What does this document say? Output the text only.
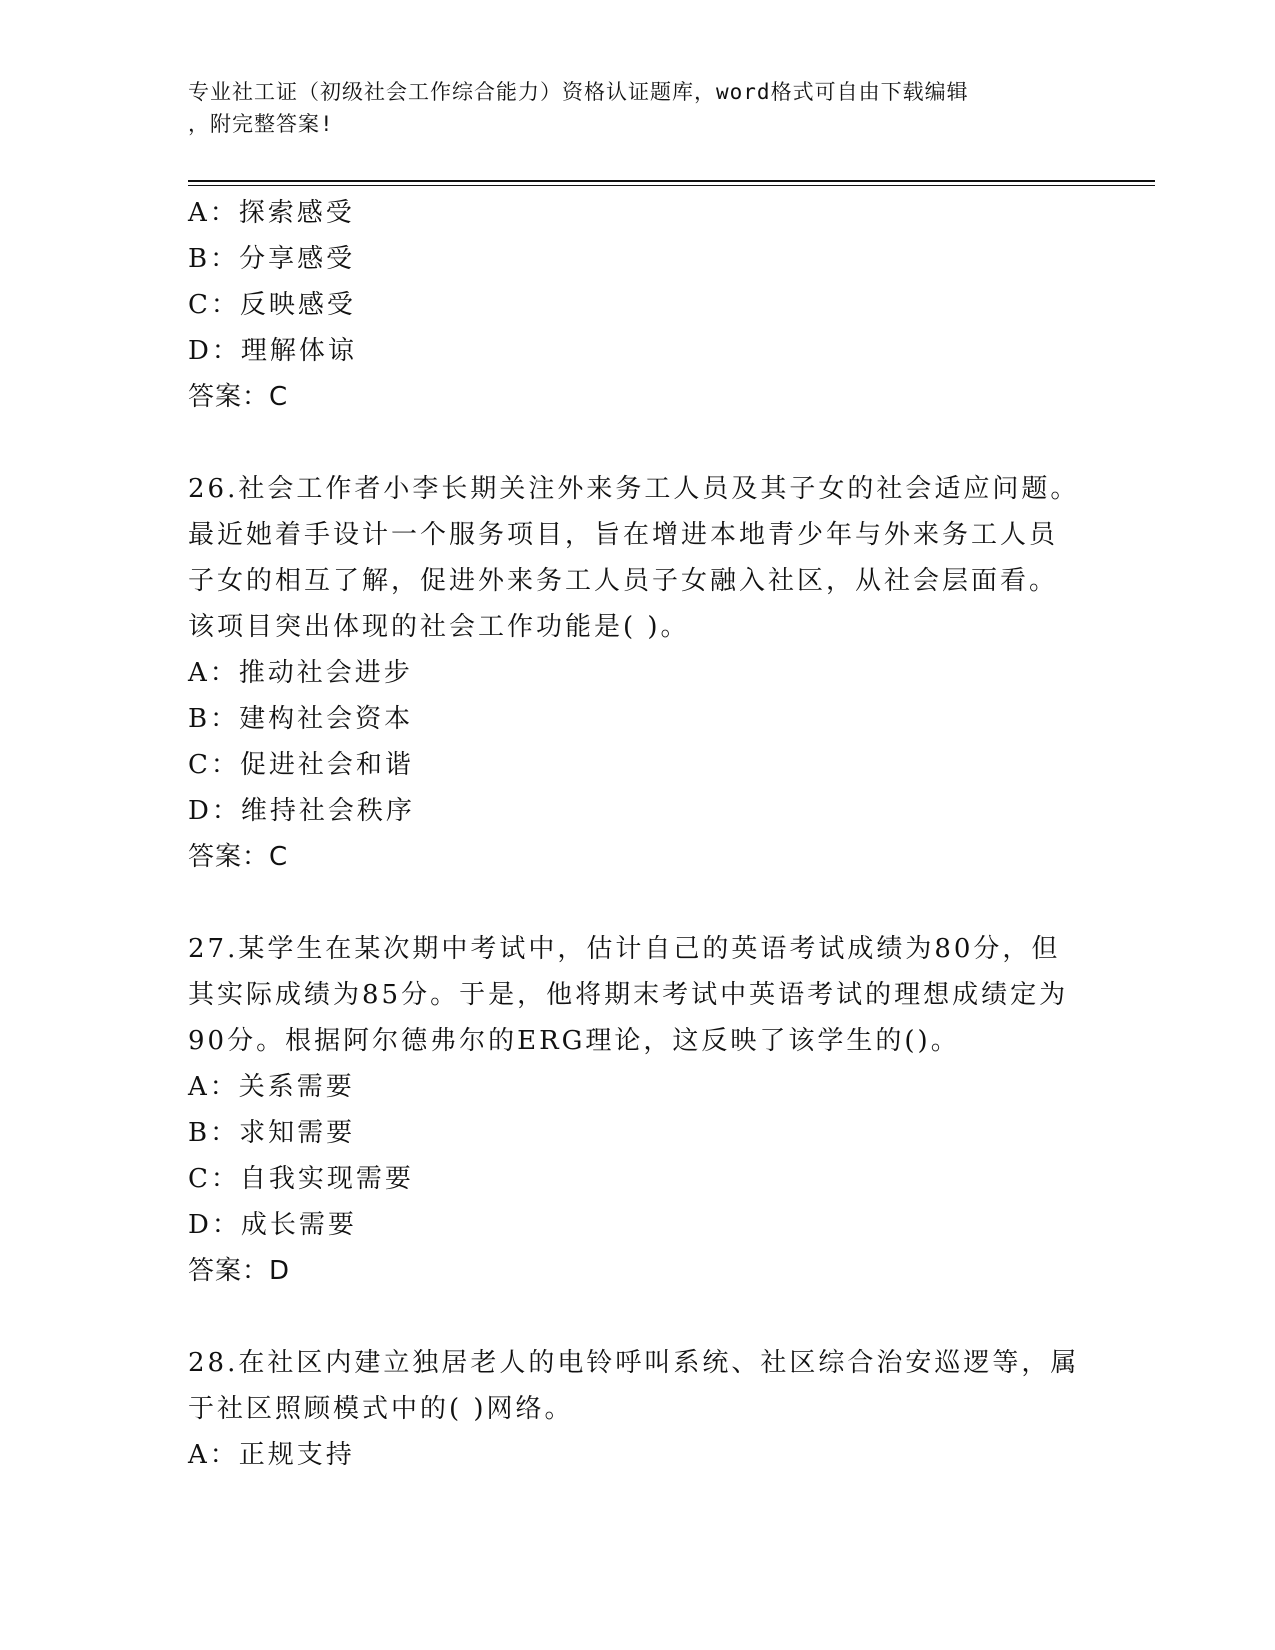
专业社工证（初级社会工作综合能力）资格认证题库，word格式可自由下载编辑
，附完整答案!
A：探索感受
B：分享感受
C：反映感受
D：理解体谅
答案：C
26.社会工作者小李长期关注外来务工人员及其子女的社会适应问题。
最近她着手设计一个服务项目，旨在增进本地青少年与外来务工人员
子女的相互了解，促进外来务工人员子女融入社区，从社会层面看。
该项目突出体现的社会工作功能是( )。
A：推动社会进步
B：建构社会资本
C：促进社会和谐
D：维持社会秩序
答案：C
27.某学生在某次期中考试中，估计自己的英语考试成绩为80分，但
其实际成绩为85分。于是，他将期末考试中英语考试的理想成绩定为
90分。根据阿尔德弗尔的ERG理论，这反映了该学生的()。
A：关系需要
B：求知需要
C：自我实现需要
D：成长需要
答案：D
28.在社区内建立独居老人的电铃呼叫系统、社区综合治安巡逻等，属
于社区照顾模式中的( )网络。
A：正规支持
